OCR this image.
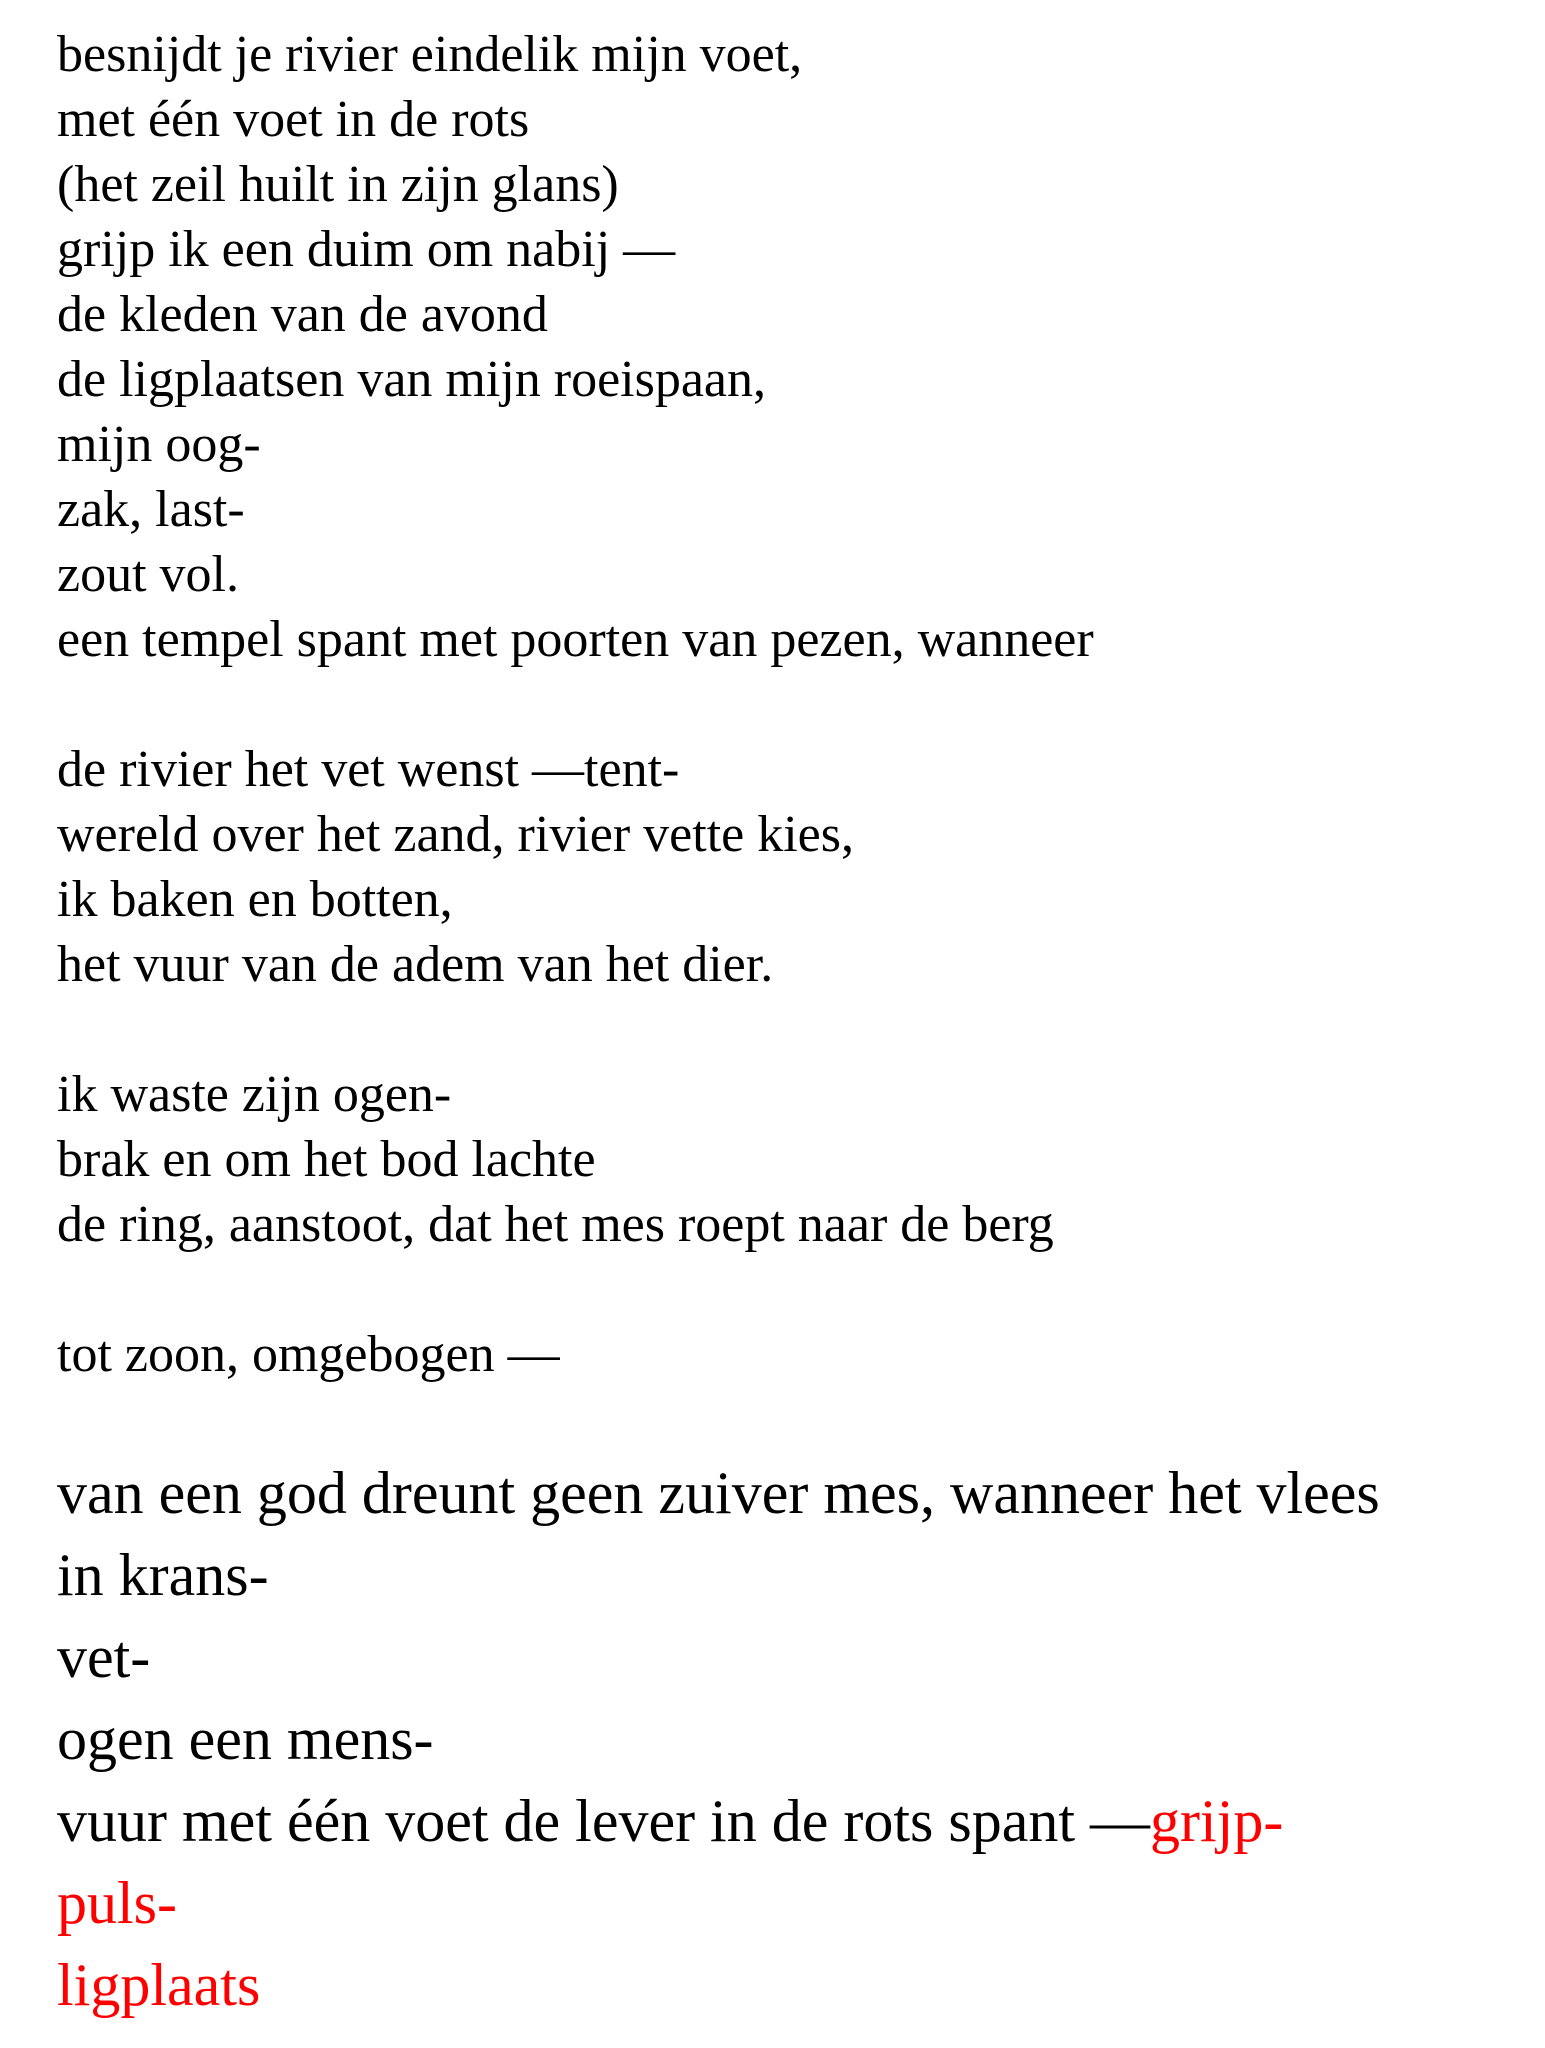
besnijdt je rivier eindelik mijn voet,
met één voet in de rots
(het zeil huilt in zijn glans)
grijp ik een duim om nabij —
de kleden van de avond
de ligplaatsen van mijn roeispaan,
mijn oog-
zak, last-
zout vol.
een tempel spant met poorten van pezen, wanneer
de rivier het vet wenst —tent-
wereld over het zand, rivier vette kies,
ik baken en botten,
het vuur van de adem van het dier.
ik waste zijn ogen-
brak en om het bod lachte
de ring, aanstoot, dat het mes roept naar de berg
tot zoon, omgebogen —
van een god dreunt geen zuiver mes, wanneer het vlees
in krans-
vet-
ogen een mens-
vuur met één voet de lever in de rots spant —grijp-
puls-
ligplaats
